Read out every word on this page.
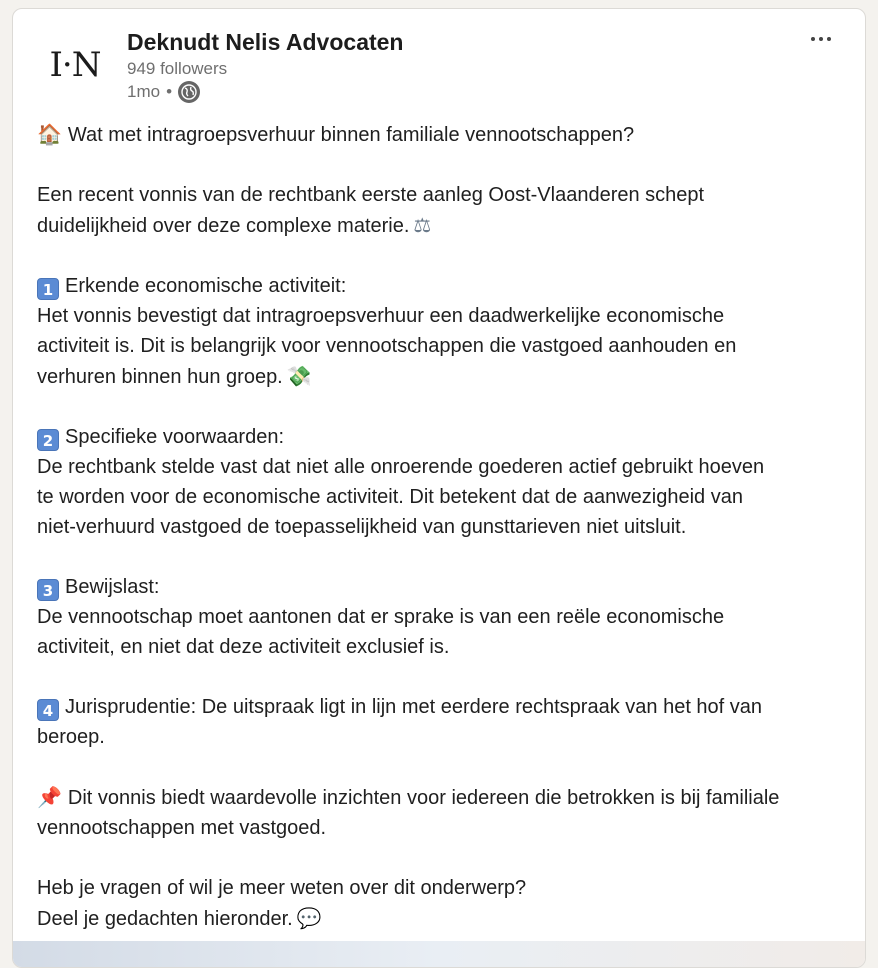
I·N
Deknudt Nelis Advocaten
949 followers
1mo •
🏠 Wat met intragroepsverhuur binnen familiale vennootschappen?
Een recent vonnis van de rechtbank eerste aanleg Oost-Vlaanderen schept
duidelijkheid over deze complexe materie. ⚖
1 Erkende economische activiteit:
Het vonnis bevestigt dat intragroepsverhuur een daadwerkelijke economische
activiteit is. Dit is belangrijk voor vennootschappen die vastgoed aanhouden en
verhuren binnen hun groep. 💸
2 Specifieke voorwaarden:
De rechtbank stelde vast dat niet alle onroerende goederen actief gebruikt hoeven
te worden voor de economische activiteit. Dit betekent dat de aanwezigheid van
niet-verhuurd vastgoed de toepasselijkheid van gunsttarieven niet uitsluit.
3 Bewijslast:
De vennootschap moet aantonen dat er sprake is van een reële economische
activiteit, en niet dat deze activiteit exclusief is.
4 Jurisprudentie: De uitspraak ligt in lijn met eerdere rechtspraak van het hof van
beroep.
📌 Dit vonnis biedt waardevolle inzichten voor iedereen die betrokken is bij familiale
vennootschappen met vastgoed.
Heb je vragen of wil je meer weten over dit onderwerp?
Deel je gedachten hieronder. 💬
